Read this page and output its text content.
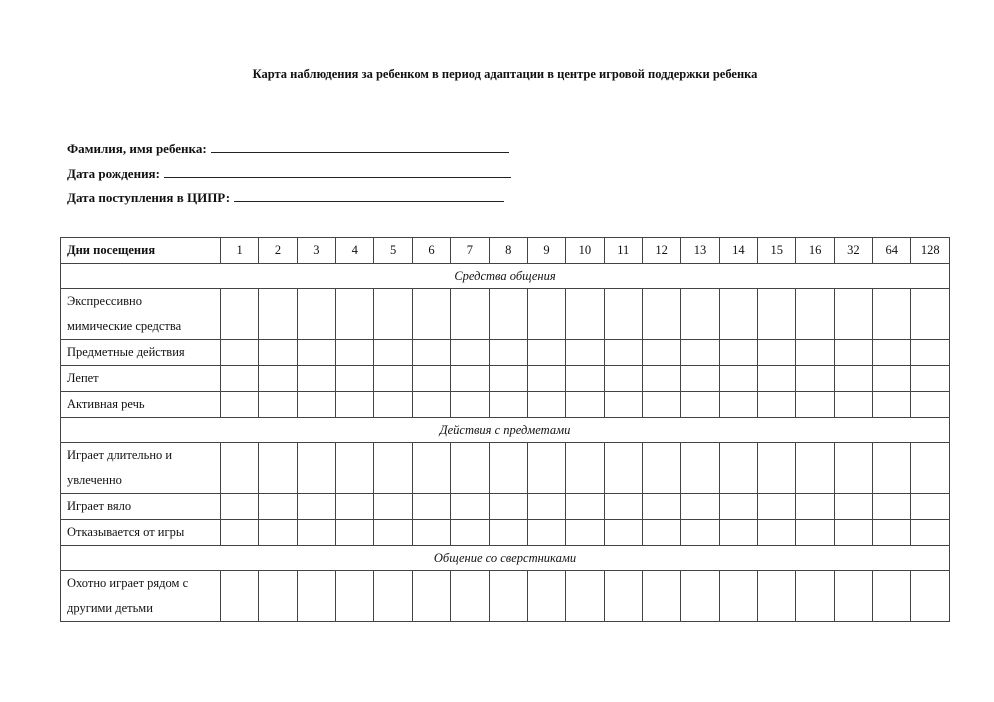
Карта наблюдения за ребенком в период адаптации в центре игровой поддержки ребенка
Фамилия, имя ребенка:
Дата рождения:
Дата поступления в ЦИПР:
Дни посещения	1	2	3	4	5	6	7	8	9	10	11	12	13	14	15	16	32	64	128
Средства общения																			

Экспрессивно
мимические средства																			

Предметные действия																			

Лепет																			

Активная речь																			

Действия с предметами																			

Играет длительно и
увлеченно																			

Играет вяло																			

Отказывается от игры																			

Общение со сверстниками																			

Охотно играет рядом с
другими детьми																			
